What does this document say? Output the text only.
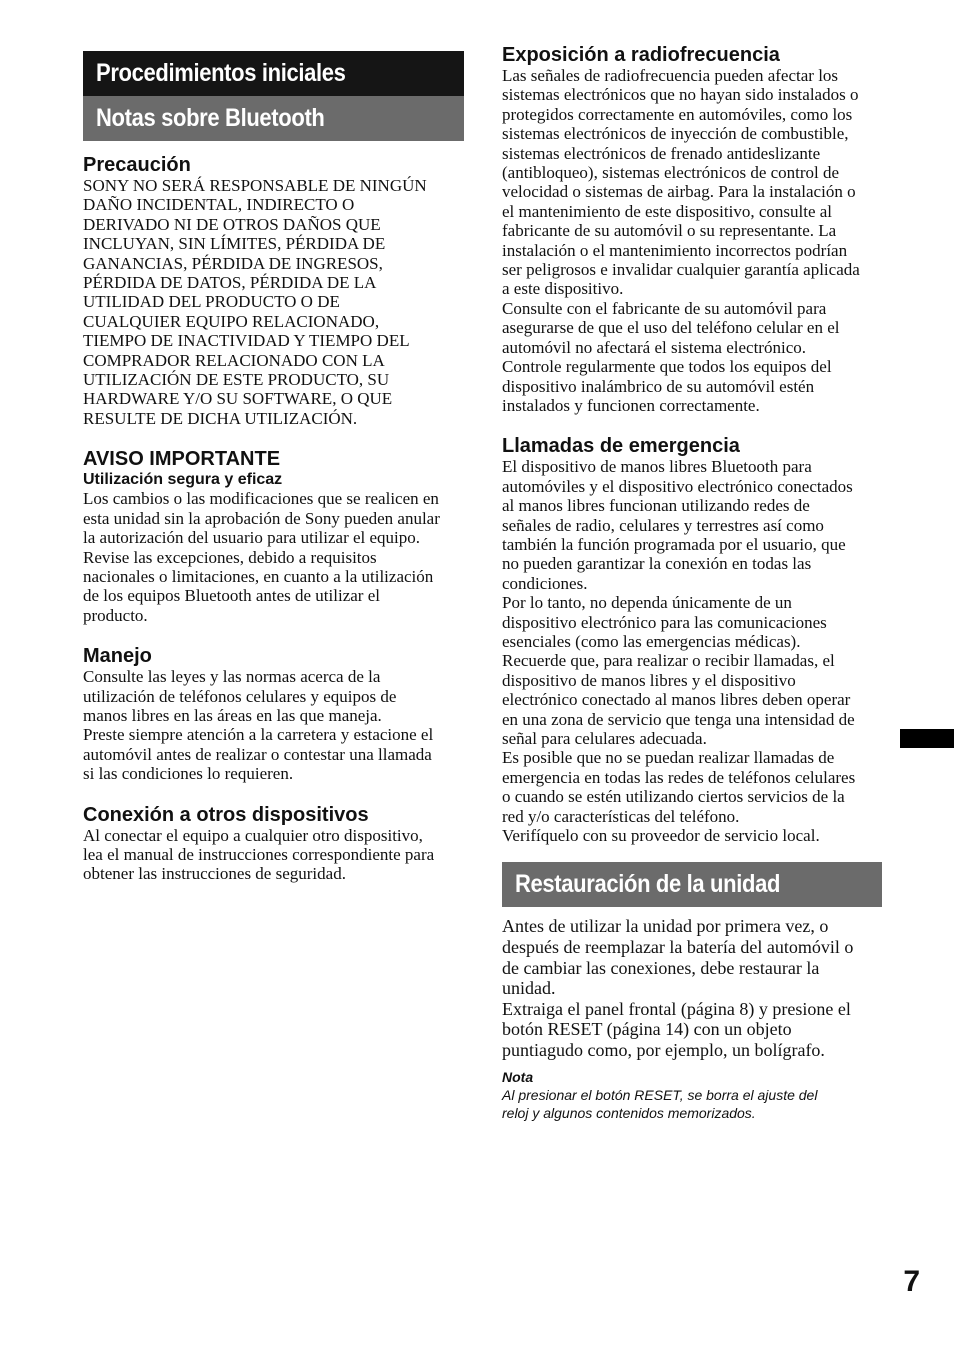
Procedimientos iniciales
Notas sobre Bluetooth
Precaución

SONY NO SERÁ RESPONSABLE DE NINGÚN
DAÑO INCIDENTAL, INDIRECTO O
DERIVADO NI DE OTROS DAÑOS QUE
INCLUYAN, SIN LÍMITES, PÉRDIDA DE
GANANCIAS, PÉRDIDA DE INGRESOS,
PÉRDIDA DE DATOS, PÉRDIDA DE LA
UTILIDAD DEL PRODUCTO O DE
CUALQUIER EQUIPO RELACIONADO,
TIEMPO DE INACTIVIDAD Y TIEMPO DEL
COMPRADOR RELACIONADO CON LA
UTILIZACIÓN DE ESTE PRODUCTO, SU
HARDWARE Y/O SU SOFTWARE, O QUE
RESULTE DE DICHA UTILIZACIÓN.

AVISO IMPORTANTE
Utilización segura y eficaz

Los cambios o las modificaciones que se realicen en
esta unidad sin la aprobación de Sony pueden anular
la autorización del usuario para utilizar el equipo.
Revise las excepciones, debido a requisitos
nacionales o limitaciones, en cuanto a la utilización
de los equipos Bluetooth antes de utilizar el
producto.

Manejo

Consulte las leyes y las normas acerca de la
utilización de teléfonos celulares y equipos de
manos libres en las áreas en las que maneja.
Preste siempre atención a la carretera y estacione el
automóvil antes de realizar o contestar una llamada
si las condiciones lo requieren.

Conexión a otros dispositivos

Al conectar el equipo a cualquier otro dispositivo,
lea el manual de instrucciones correspondiente para
obtener las instrucciones de seguridad.

Exposición a radiofrecuencia

Las señales de radiofrecuencia pueden afectar los
sistemas electrónicos que no hayan sido instalados o
protegidos correctamente en automóviles, como los
sistemas electrónicos de inyección de combustible,
sistemas electrónicos de frenado antideslizante
(antibloqueo), sistemas electrónicos de control de
velocidad o sistemas de airbag. Para la instalación o
el mantenimiento de este dispositivo, consulte al
fabricante de su automóvil o su representante. La
instalación o el mantenimiento incorrectos podrían
ser peligrosos e invalidar cualquier garantía aplicada
a este dispositivo.
Consulte con el fabricante de su automóvil para
asegurarse de que el uso del teléfono celular en el
automóvil no afectará el sistema electrónico.
Controle regularmente que todos los equipos del
dispositivo inalámbrico de su automóvil estén
instalados y funcionen correctamente.

Llamadas de emergencia

El dispositivo de manos libres Bluetooth para
automóviles y el dispositivo electrónico conectados
al manos libres funcionan utilizando redes de
señales de radio, celulares y terrestres así como
también la función programada por el usuario, que
no pueden garantizar la conexión en todas las
condiciones.
Por lo tanto, no dependa únicamente de un
dispositivo electrónico para las comunicaciones
esenciales (como las emergencias médicas).
Recuerde que, para realizar o recibir llamadas, el
dispositivo de manos libres y el dispositivo
electrónico conectado al manos libres deben operar
en una zona de servicio que tenga una intensidad de
señal para celulares adecuada.
Es posible que no se puedan realizar llamadas de
emergencia en todas las redes de teléfonos celulares
o cuando se estén utilizando ciertos servicios de la
red y/o características del teléfono.
Verifíquelo con su proveedor de servicio local.

Restauración de la unidad

Antes de utilizar la unidad por primera vez, o
después de reemplazar la batería del automóvil o
de cambiar las conexiones, debe restaurar la
unidad.
Extraiga el panel frontal (página 8) y presione el
botón RESET (página 14) con un objeto
puntiagudo como, por ejemplo, un bolígrafo.

Nota
Al presionar el botón RESET, se borra el ajuste del
reloj y algunos contenidos memorizados.
7
